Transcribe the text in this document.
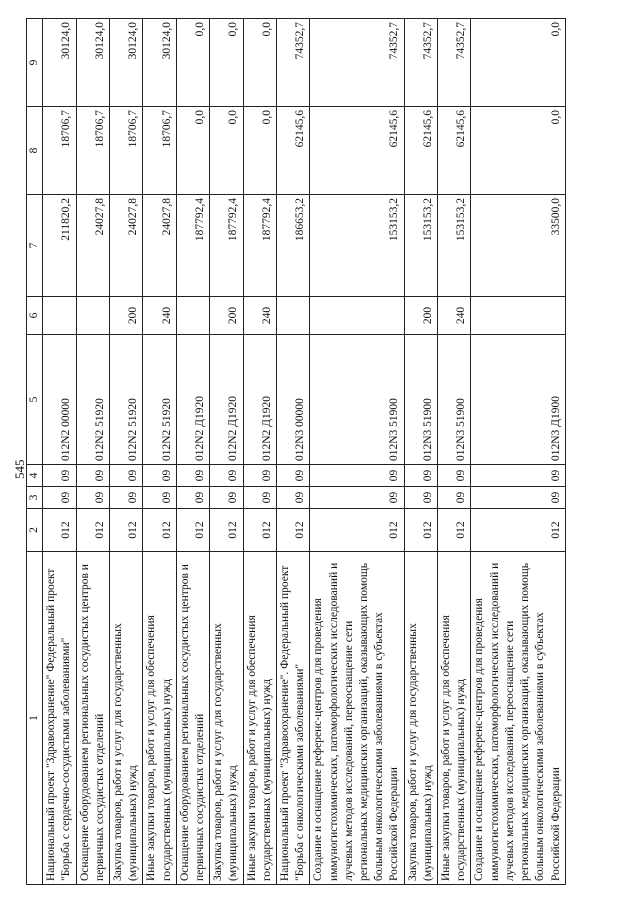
545
1	2	3	4	5	6	7	8	9
Национальный проект "Здравоохранение" Федеральный проект "Борьба с сердечно-сосудистыми заболеваниями"	012	09	09	012N2 00000		211820,2	18706,7	30124,0
Оснащение оборудованием региональных сосудистых центров и первичных сосудистых отделений	012	09	09	012N2 51920		24027,8	18706,7	30124,0
Закупка товаров, работ и услуг для государственных (муниципальных) нужд	012	09	09	012N2 51920	200	24027,8	18706,7	30124,0
Иные закупки товаров, работ и услуг для обеспечения государственных (муниципальных) нужд	012	09	09	012N2 51920	240	24027,8	18706,7	30124,0
Оснащение оборудованием региональных сосудистых центров и первичных сосудистых отделений	012	09	09	012N2 Д1920		187792,4	0,0	0,0
Закупка товаров, работ и услуг для государственных (муниципальных) нужд	012	09	09	012N2 Д1920	200	187792,4	0,0	0,0
Иные закупки товаров, работ и услуг для обеспечения государственных (муниципальных) нужд	012	09	09	012N2 Д1920	240	187792,4	0,0	0,0
Национальный проект "Здравоохранение". Федеральный проект "Борьба с онкологическими заболеваниями"	012	09	09	012N3 00000		186653,2	62145,6	74352,7
Создание и оснащение референс-центров для проведения иммуногистохимических, патоморфологических исследований и лучевых методов исследований, переоснащение сети региональных медицинских организаций, оказывающих помощь больным онкологическими заболеваниями в субъектах Российской Федерации	012	09	09	012N3 51900		153153,2	62145,6	74352,7
Закупка товаров, работ и услуг для государственных (муниципальных) нужд	012	09	09	012N3 51900	200	153153,2	62145,6	74352,7
Иные закупки товаров, работ и услуг для обеспечения государственных (муниципальных) нужд	012	09	09	012N3 51900	240	153153,2	62145,6	74352,7
Создание и оснащение референс-центров для проведения иммуногистохимических, патоморфологических исследований и лучевых методов исследований, переоснащение сети региональных медицинских организаций, оказывающих помощь больным онкологическими заболеваниями в субъектах Российской Федерации	012	09	09	012N3 Д1900		33500,0	0,0	0,0
